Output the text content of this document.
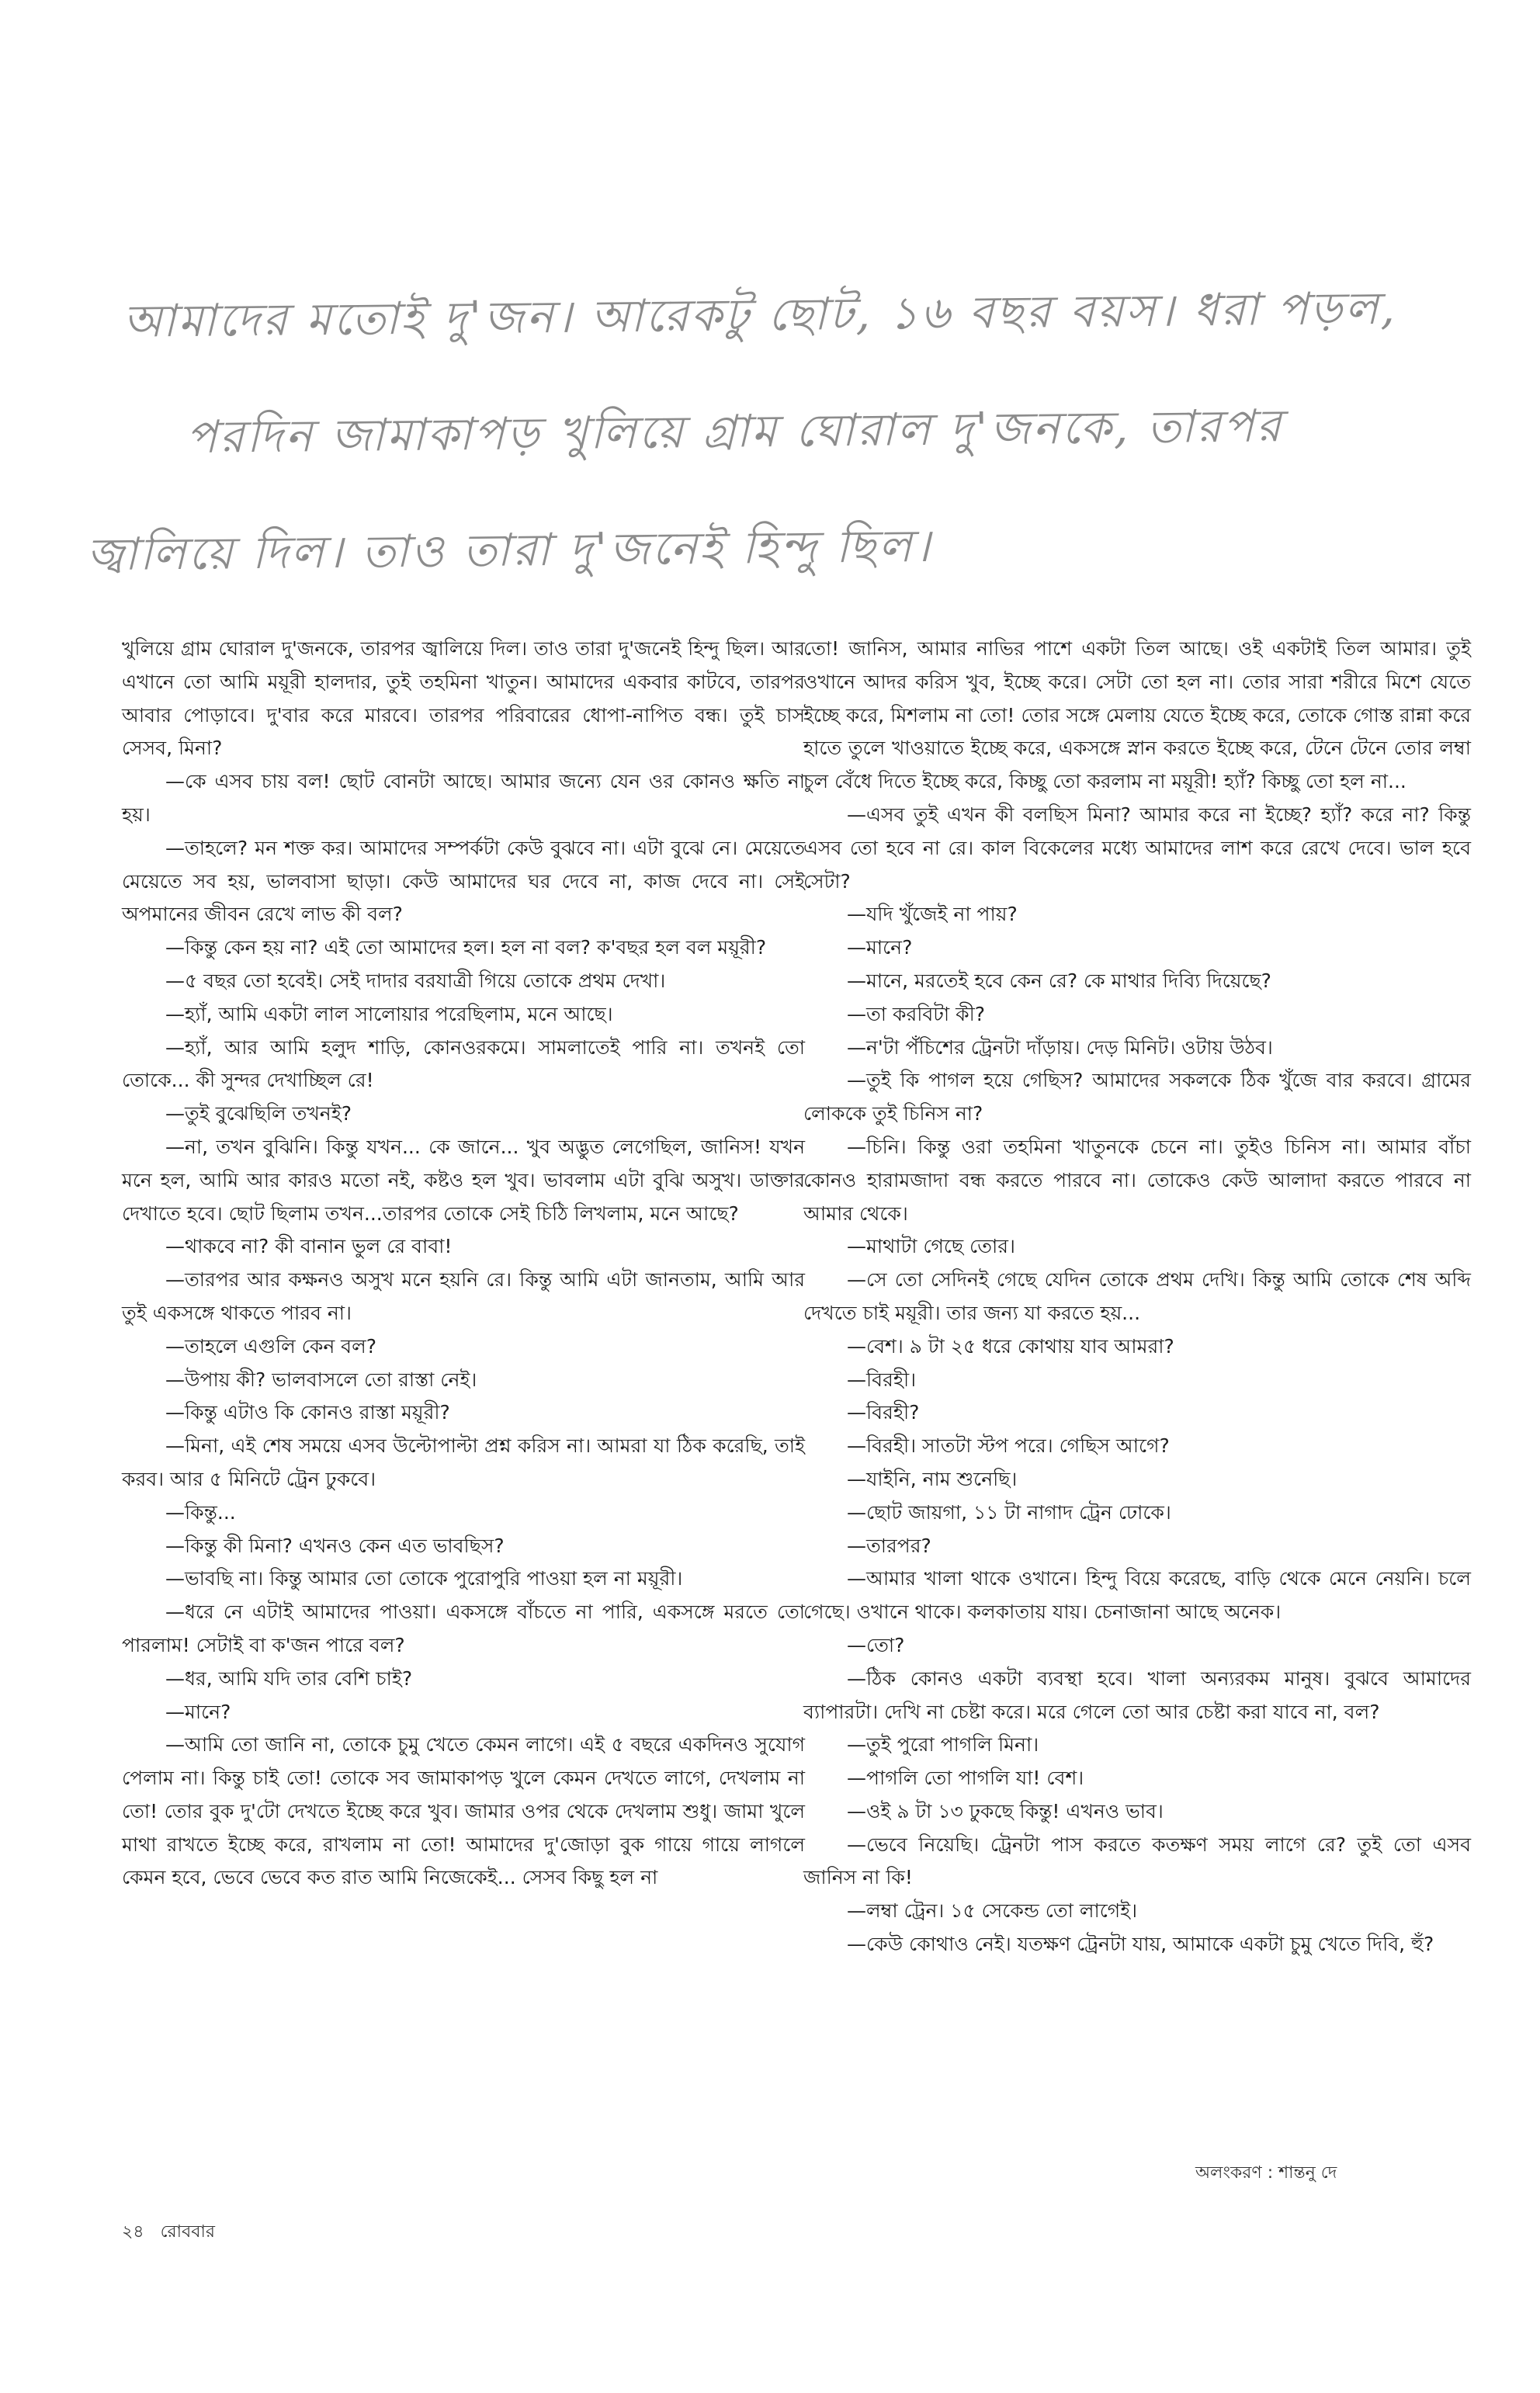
আমাদের মতোই দু'জন। আরেকটু ছোট, ১৬ বছর বয়স। ধরা পড়ল,
পরদিন জামাকাপড় খুলিয়ে গ্রাম ঘোরাল দু'জনকে, তারপর
জ্বালিয়ে দিল। তাও তারা দু'জনেই হিন্দু ছিল।

খুলিয়ে গ্রাম ঘোরাল দু'জনকে, তারপর জ্বালিয়ে দিল। তাও তারা দু'জনেই হিন্দু ছিল। আর এখানে তো আমি ময়ূরী হালদার, তুই তহমিনা খাতুন। আমাদের একবার কাটবে, তারপর আবার পোড়াবে। দু'বার করে মারবে। তারপর পরিবারের ধোপা-নাপিত বন্ধ। তুই চাস সেসব, মিনা?

—কে এসব চায় বল! ছোট বোনটা আছে। আমার জন্যে যেন ওর কোনও ক্ষতি না হয়।

—তাহলে? মন শক্ত কর। আমাদের সম্পর্কটা কেউ বুঝবে না। এটা বুঝে নে। মেয়েতে মেয়েতে সব হয়, ভালবাসা ছাড়া। কেউ আমাদের ঘর দেবে না, কাজ দেবে না। সেই অপমানের জীবন রেখে লাভ কী বল?

—কিন্তু কেন হয় না? এই তো আমাদের হল। হল না বল? ক'বছর হল বল ময়ূরী?

—৫ বছর তো হবেই। সেই দাদার বরযাত্রী গিয়ে তোকে প্রথম দেখা।

—হ্যাঁ, আমি একটা লাল সালোয়ার পরেছিলাম, মনে আছে।

—হ্যাঁ, আর আমি হলুদ শাড়ি, কোনওরকমে। সামলাতেই পারি না। তখনই তো তোকে... কী সুন্দর দেখাচ্ছিল রে!

—তুই বুঝেছিলি তখনই?

—না, তখন বুঝিনি। কিন্তু যখন... কে জানে... খুব অদ্ভুত লেগেছিল, জানিস! যখন মনে হল, আমি আর কারও মতো নই, কষ্টও হল খুব। ভাবলাম এটা বুঝি অসুখ। ডাক্তার দেখাতে হবে। ছোট ছিলাম তখন...তারপর তোকে সেই চিঠি লিখলাম, মনে আছে?

—থাকবে না? কী বানান ভুল রে বাবা!

—তারপর আর কক্ষনও অসুখ মনে হয়নি রে। কিন্তু আমি এটা জানতাম, আমি আর তুই একসঙ্গে থাকতে পারব না।

—তাহলে এগুলি কেন বল?

—উপায় কী? ভালবাসলে তো রাস্তা নেই।

—কিন্তু এটাও কি কোনও রাস্তা ময়ূরী?

—মিনা, এই শেষ সময়ে এসব উল্টোপাল্টা প্রশ্ন করিস না। আমরা যা ঠিক করেছি, তাই করব। আর ৫ মিনিটে ট্রেন ঢুকবে।

—কিন্তু...

—কিন্তু কী মিনা? এখনও কেন এত ভাবছিস?

—ভাবছি না। কিন্তু আমার তো তোকে পুরোপুরি পাওয়া হল না ময়ূরী।

—ধরে নে এটাই আমাদের পাওয়া। একসঙ্গে বাঁচতে না পারি, একসঙ্গে মরতে তো পারলাম! সেটাই বা ক'জন পারে বল?

—ধর, আমি যদি তার বেশি চাই?

—মানে?

—আমি তো জানি না, তোকে চুমু খেতে কেমন লাগে। এই ৫ বছরে একদিনও সুযোগ পেলাম না। কিন্তু চাই তো! তোকে সব জামাকাপড় খুলে কেমন দেখতে লাগে, দেখলাম না তো! তোর বুক দু'টো দেখতে ইচ্ছে করে খুব। জামার ওপর থেকে দেখলাম শুধু। জামা খুলে মাথা রাখতে ইচ্ছে করে, রাখলাম না তো! আমাদের দু'জোড়া বুক গায়ে গায়ে লাগলে কেমন হবে, ভেবে ভেবে কত রাত আমি নিজেকেই... সেসব কিছু হল না

তো! জানিস, আমার নাভির পাশে একটা তিল আছে। ওই একটাই তিল আমার। তুই ওখানে আদর করিস খুব, ইচ্ছে করে। সেটা তো হল না। তোর সারা শরীরে মিশে যেতে ইচ্ছে করে, মিশলাম না তো! তোর সঙ্গে মেলায় যেতে ইচ্ছে করে, তোকে গোস্ত রান্না করে হাতে তুলে খাওয়াতে ইচ্ছে করে, একসঙ্গে স্নান করতে ইচ্ছে করে, টেনে টেনে তোর লম্বা চুল বেঁধে দিতে ইচ্ছে করে, কিচ্ছু তো করলাম না ময়ূরী! হ্যাঁ? কিচ্ছু তো হল না...

—এসব তুই এখন কী বলছিস মিনা? আমার করে না ইচ্ছে? হ্যাঁ? করে না? কিন্তু এসব তো হবে না রে। কাল বিকেলের মধ্যে আমাদের লাশ করে রেখে দেবে। ভাল হবে সেটা?

—যদি খুঁজেই না পায়?

—মানে?

—মানে, মরতেই হবে কেন রে? কে মাথার দিব্যি দিয়েছে?

—তা করবিটা কী?

—ন'টা পঁচিশের ট্রেনটা দাঁড়ায়। দেড় মিনিট। ওটায় উঠব।

—তুই কি পাগল হয়ে গেছিস? আমাদের সকলকে ঠিক খুঁজে বার করবে। গ্রামের লোককে তুই চিনিস না?

—চিনি। কিন্তু ওরা তহমিনা খাতুনকে চেনে না। তুইও চিনিস না। আমার বাঁচা কোনও হারামজাদা বন্ধ করতে পারবে না। তোকেও কেউ আলাদা করতে পারবে না আমার থেকে।

—মাথাটা গেছে তোর।

—সে তো সেদিনই গেছে যেদিন তোকে প্রথম দেখি। কিন্তু আমি তোকে শেষ অব্দি দেখতে চাই ময়ূরী। তার জন্য যা করতে হয়...

—বেশ। ৯ টা ২৫ ধরে কোথায় যাব আমরা?

—বিরহী।

—বিরহী?

—বিরহী। সাতটা স্টপ পরে। গেছিস আগে?

—যাইনি, নাম শুনেছি।

—ছোট জায়গা, ১১ টা নাগাদ ট্রেন ঢোকে।

—তারপর?

—আমার খালা থাকে ওখানে। হিন্দু বিয়ে করেছে, বাড়ি থেকে মেনে নেয়নি। চলে গেছে। ওখানে থাকে। কলকাতায় যায়। চেনাজানা আছে অনেক।

—তো?

—ঠিক কোনও একটা ব্যবস্থা হবে। খালা অন্যরকম মানুষ। বুঝবে আমাদের ব্যাপারটা। দেখি না চেষ্টা করে। মরে গেলে তো আর চেষ্টা করা যাবে না, বল?

—তুই পুরো পাগলি মিনা।

—পাগলি তো পাগলি যা! বেশ।

—ওই ৯ টা ১৩ ঢুকছে কিন্তু! এখনও ভাব।

—ভেবে নিয়েছি। ট্রেনটা পাস করতে কতক্ষণ সময় লাগে রে? তুই তো এসব জানিস না কি!

—লম্বা ট্রেন। ১৫ সেকেন্ড তো লাগেই।

—কেউ কোথাও নেই। যতক্ষণ ট্রেনটা যায়, আমাকে একটা চুমু খেতে দিবি, হুঁ?

অলংকরণ : শান্তনু দে
২৪ রোববার
